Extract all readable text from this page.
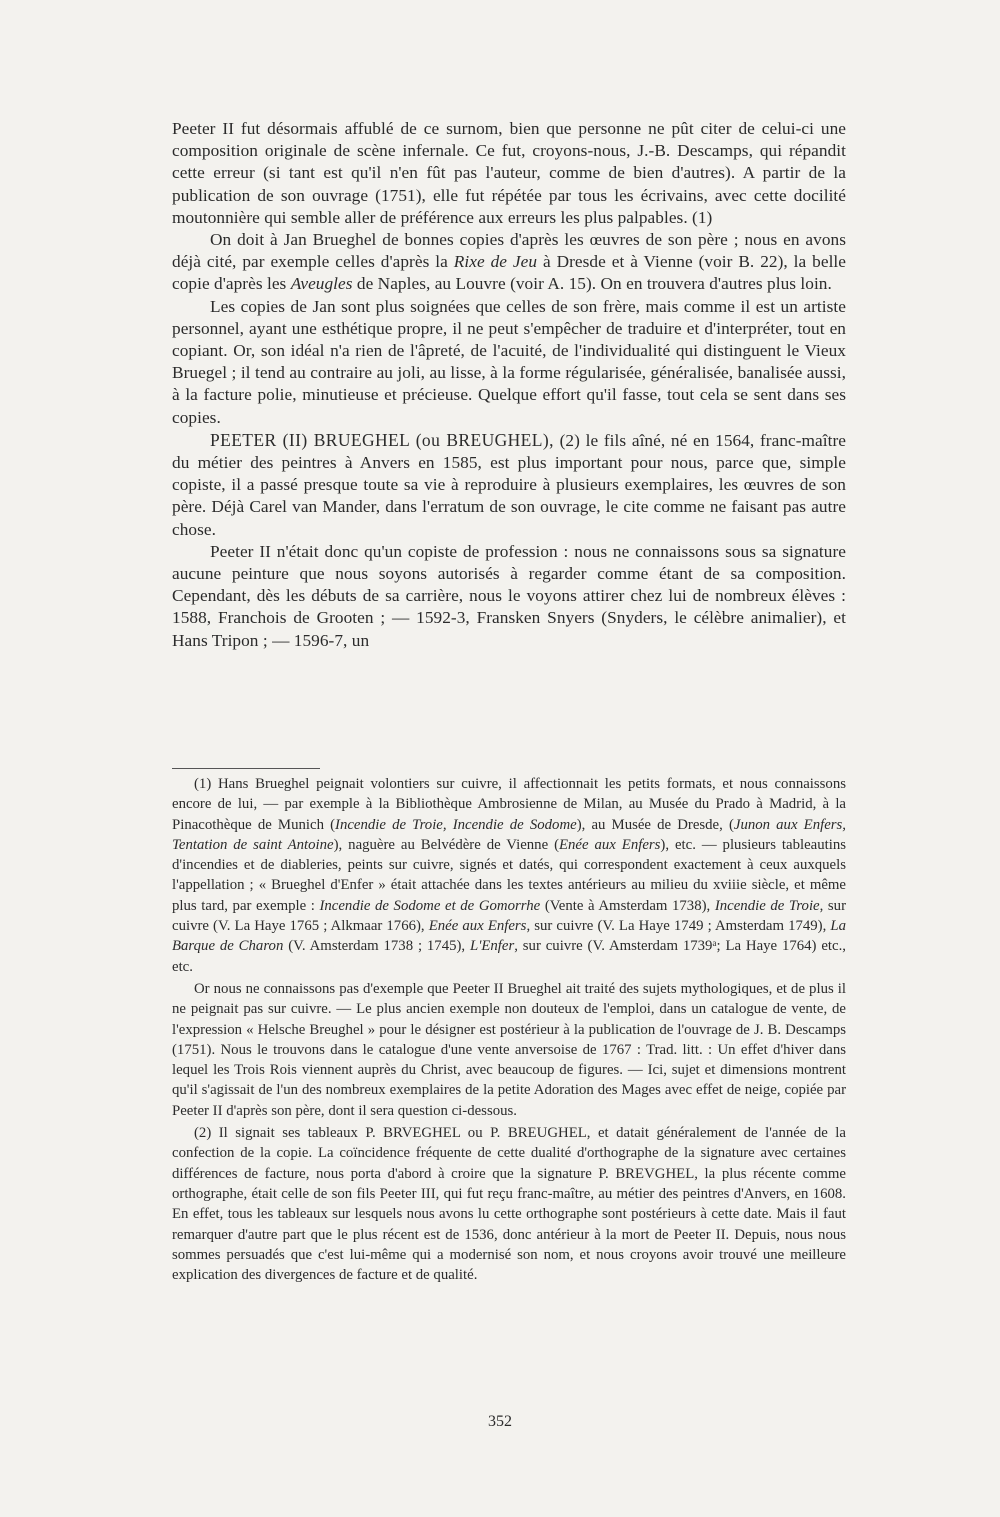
Peeter II fut désormais affublé de ce surnom, bien que personne ne pût citer de celui-ci une composition originale de scène infernale. Ce fut, croyons-nous, J.-B. Descamps, qui répandit cette erreur (si tant est qu'il n'en fût pas l'auteur, comme de bien d'autres). A partir de la publication de son ouvrage (1751), elle fut répétée par tous les écrivains, avec cette docilité moutonnière qui semble aller de préférence aux erreurs les plus palpables. (1)

On doit à Jan Brueghel de bonnes copies d'après les œuvres de son père ; nous en avons déjà cité, par exemple celles d'après la Rixe de Jeu à Dresde et à Vienne (voir B. 22), la belle copie d'après les Aveugles de Naples, au Louvre (voir A. 15). On en trouvera d'autres plus loin.

Les copies de Jan sont plus soignées que celles de son frère, mais comme il est un artiste personnel, ayant une esthétique propre, il ne peut s'empêcher de traduire et d'interpréter, tout en copiant. Or, son idéal n'a rien de l'âpreté, de l'acuité, de l'individualité qui distinguent le Vieux Bruegel ; il tend au contraire au joli, au lisse, à la forme régularisée, généralisée, banalisée aussi, à la facture polie, minutieuse et précieuse. Quelque effort qu'il fasse, tout cela se sent dans ses copies.

PEETER (II) BRUEGHEL (ou BREUGHEL), (2) le fils aîné, né en 1564, franc-maître du métier des peintres à Anvers en 1585, est plus important pour nous, parce que, simple copiste, il a passé presque toute sa vie à reproduire à plusieurs exemplaires, les œuvres de son père. Déjà Carel van Mander, dans l'erratum de son ouvrage, le cite comme ne faisant pas autre chose.

Peeter II n'était donc qu'un copiste de profession : nous ne connaissons sous sa signature aucune peinture que nous soyons autorisés à regarder comme étant de sa composition. Cependant, dès les débuts de sa carrière, nous le voyons attirer chez lui de nombreux élèves : 1588, Franchois de Grooten ; — 1592-3, Fransken Snyers (Snyders, le célèbre animalier), et Hans Tripon ; — 1596-7, un

(1) Hans Brueghel peignait volontiers sur cuivre, il affectionnait les petits formats, et nous connaissons encore de lui, — par exemple à la Bibliothèque Ambrosienne de Milan, au Musée du Prado à Madrid, à la Pinacothèque de Munich (Incendie de Troie, Incendie de Sodome), au Musée de Dresde, (Junon aux Enfers, Tentation de saint Antoine), naguère au Belvédère de Vienne (Enée aux Enfers), etc. — plusieurs tableautins d'incendies et de diableries, peints sur cuivre, signés et datés, qui correspondent exactement à ceux auxquels l'appellation ; « Brueghel d'Enfer » était attachée dans les textes antérieurs au milieu du xviiie siècle, et même plus tard, par exemple : Incendie de Sodome et de Gomorrhe (Vente à Amsterdam 1738), Incendie de Troie, sur cuivre (V. La Haye 1765 ; Alkmaar 1766), Enée aux Enfers, sur cuivre (V. La Haye 1749 ; Amsterdam 1749), La Barque de Charon (V. Amsterdam 1738 ; 1745), L'Enfer, sur cuivre (V. Amsterdam 1739ᵃ; La Haye 1764) etc., etc.

Or nous ne connaissons pas d'exemple que Peeter II Brueghel ait traité des sujets mythologiques, et de plus il ne peignait pas sur cuivre. — Le plus ancien exemple non douteux de l'emploi, dans un catalogue de vente, de l'expression « Helsche Breughel » pour le désigner est postérieur à la publication de l'ouvrage de J. B. Descamps (1751). Nous le trouvons dans le catalogue d'une vente anversoise de 1767 : Trad. litt. : Un effet d'hiver dans lequel les Trois Rois viennent auprès du Christ, avec beaucoup de figures. — Ici, sujet et dimensions montrent qu'il s'agissait de l'un des nombreux exemplaires de la petite Adoration des Mages avec effet de neige, copiée par Peeter II d'après son père, dont il sera question ci-dessous.

(2) Il signait ses tableaux P. BRVEGHEL ou P. BREUGHEL, et datait généralement de l'année de la confection de la copie. La coïncidence fréquente de cette dualité d'orthographe de la signature avec certaines différences de facture, nous porta d'abord à croire que la signature P. BREVGHEL, la plus récente comme orthographe, était celle de son fils Peeter III, qui fut reçu franc-maître, au métier des peintres d'Anvers, en 1608. En effet, tous les tableaux sur lesquels nous avons lu cette orthographe sont postérieurs à cette date. Mais il faut remarquer d'autre part que le plus récent est de 1536, donc antérieur à la mort de Peeter II. Depuis, nous nous sommes persuadés que c'est lui-même qui a modernisé son nom, et nous croyons avoir trouvé une meilleure explication des divergences de facture et de qualité.

352
